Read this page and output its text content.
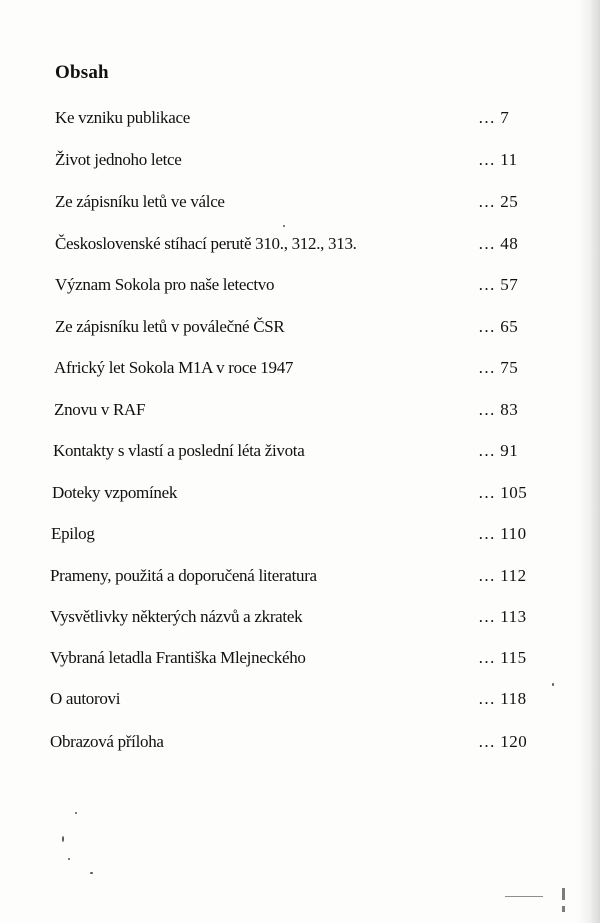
Obsah
Ke vzniku publikace	… 7
Život jednoho letce	… 11
Ze zápisníku letů ve válce	… 25
Československé stíhací perutě 310., 312., 313.	… 48
Význam Sokola pro naše letectvo	… 57
Ze zápisníku letů v poválečné ČSR	… 65
Africký let Sokola M1A v roce 1947	… 75
Znovu v RAF	… 83
Kontakty s vlastí a poslední léta života	… 91
Doteky vzpomínek	… 105
Epilog	… 110
Prameny, použitá a doporučená literatura	… 112
Vysvětlivky některých názvů a zkratek	… 113
Vybraná letadla Františka Mlejneckého	… 115
O autorovi	… 118
Obrazová příloha	… 120
